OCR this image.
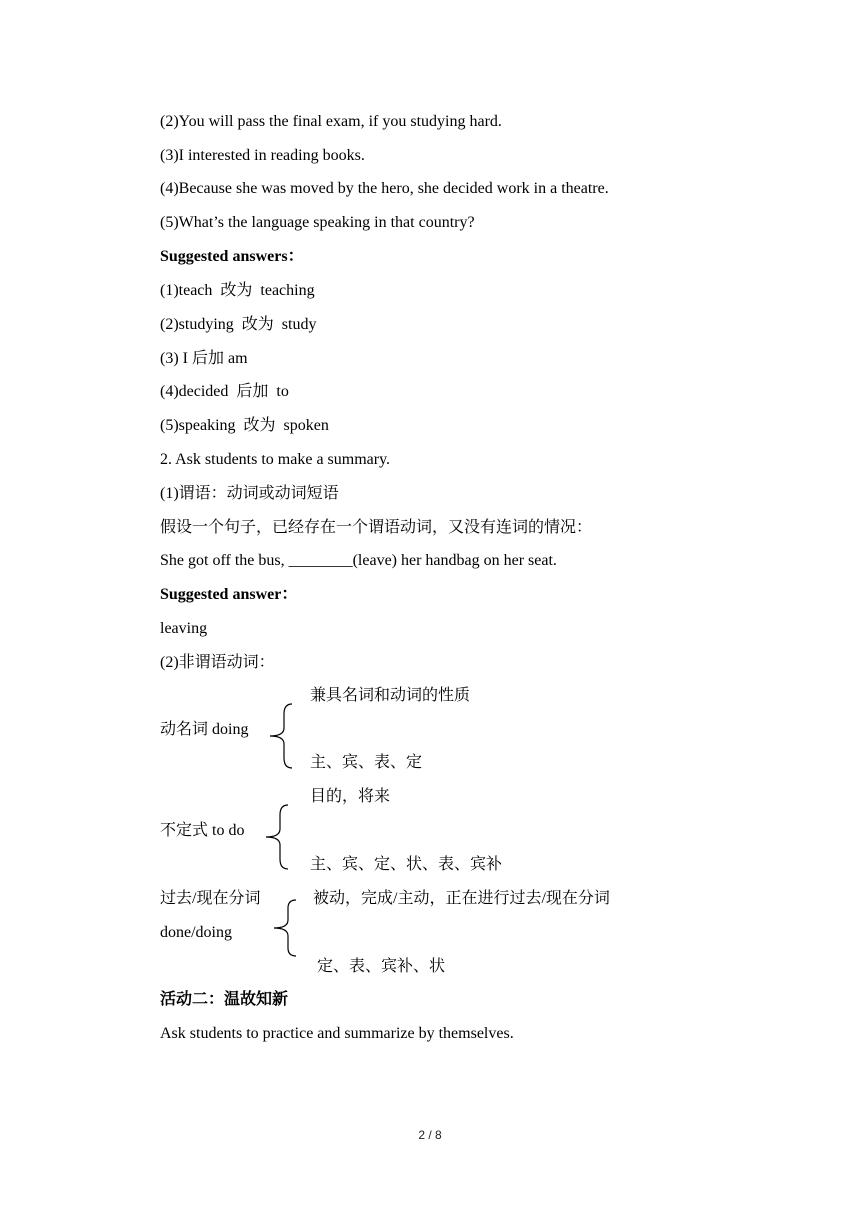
(2)You will pass the final exam, if you studying hard.
(3)I interested in reading books.
(4)Because she was moved by the hero, she decided work in a theatre.
(5)What’s the language speaking in that country?
Suggested answers：
(1)teach  改为  teaching
(2)studying  改为  study
(3) I 后加 am
(4)decided  后加  to
(5)speaking  改为  spoken
2. Ask students to make a summary.
(1)谓语：动词或动词短语
假设一个句子，已经存在一个谓语动词，又没有连词的情况：
She got off the bus, ________(leave) her handbag on her seat.
Suggested answer：
leaving
(2)非谓语动词：
兼具名词和动词的性质
动名词 doing
主、宾、表、定
目的，将来
不定式 to do
主、宾、定、状、表、宾补
过去/现在分词	被动，完成/主动，正在进行过去/现在分词
done/doing
定、表、宾补、状
活动二：温故知新
Ask students to practice and summarize by themselves.
2 / 8
